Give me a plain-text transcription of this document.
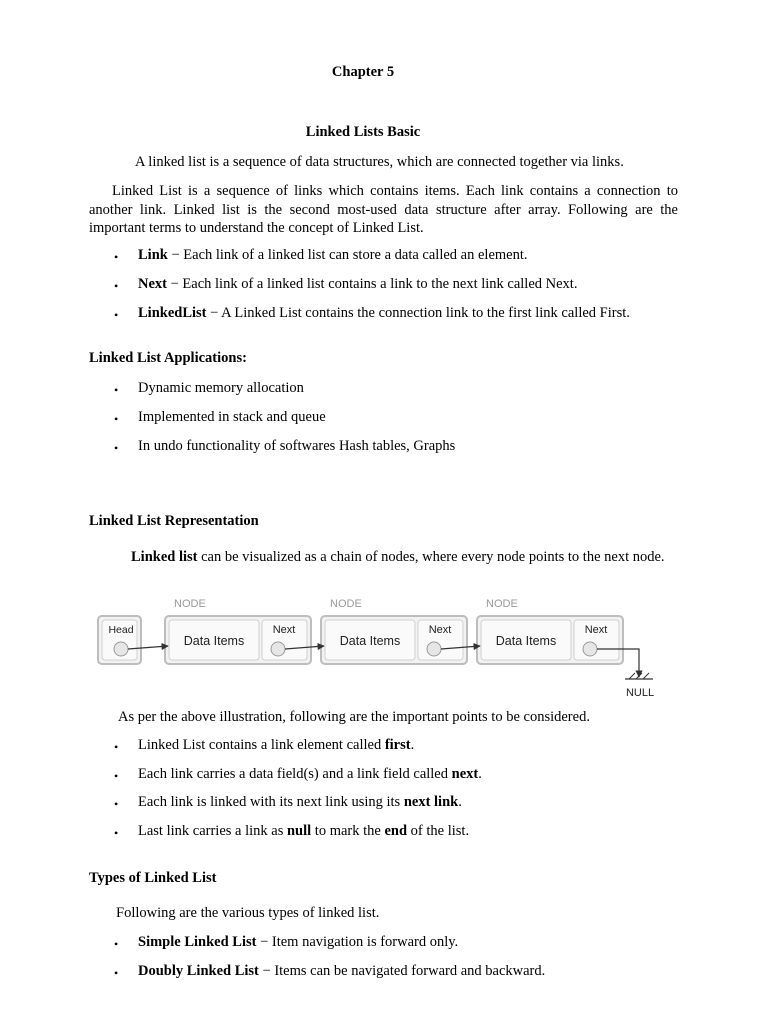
Chapter 5

Linked Lists Basic

A linked list is a sequence of data structures, which are connected together via links.

Linked List is a sequence of links which contains items. Each link contains a connection to another link. Linked list is the second most-used data structure after array. Following are the important terms to understand the concept of Linked List.

• Link − Each link of a linked list can store a data called an element.
• Next − Each link of a linked list contains a link to the next link called Next.
• LinkedList − A Linked List contains the connection link to the first link called First.

Linked List Applications:

• Dynamic memory allocation
• Implemented in stack and queue
• In undo functionality of softwares Hash tables, Graphs

Linked List Representation

Linked list can be visualized as a chain of nodes, where every node points to the next node.

Head
NODE
Data Items
Next
NODE
Data Items
Next
NODE
Data Items
Next
NULL

As per the above illustration, following are the important points to be considered.

• Linked List contains a link element called first.
• Each link carries a data field(s) and a link field called next.
• Each link is linked with its next link using its next link.
• Last link carries a link as null to mark the end of the list.

Types of Linked List

Following are the various types of linked list.

• Simple Linked List − Item navigation is forward only.
• Doubly Linked List − Items can be navigated forward and backward.
